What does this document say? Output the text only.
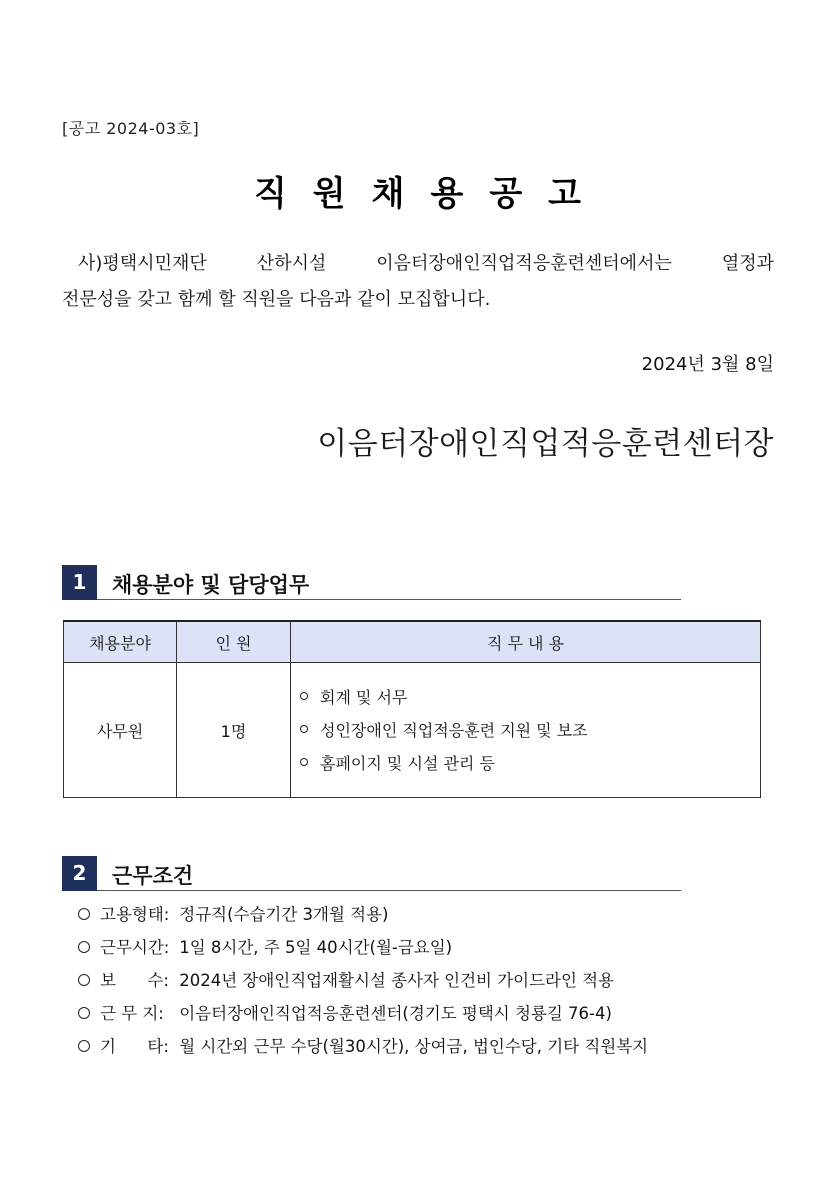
[공고 2024-03호]
직원채용공고

사)평택시민재단 산하시설 이음터장애인직업적응훈련센터에서는 열정과

전문성을 갖고 함께 할 직원을 다음과 같이 모집합니다.

2024년 3월 8일
이음터장애인직업적응훈련센터장
1	채용분야 및 담당업무
채용분야	인 원	직 무 내 용
사무원	1명	회계 및 서무
성인장애인 직업적응훈련 지원 및 보조
홈페이지 및 시설 관리 등
2	근무조건
고용형태: 정규직(수습기간 3개월 적용)
근무시간: 1일 8시간, 주 5일 40시간(월-금요일)
보      수: 2024년 장애인직업재활시설 종사자 인건비 가이드라인 적용
근 무 지: 이음터장애인직업적응훈련센터(경기도 평택시 청룡길 76-4)
기      타: 월 시간외 근무 수당(월30시간), 상여금, 법인수당, 기타 직원복지
